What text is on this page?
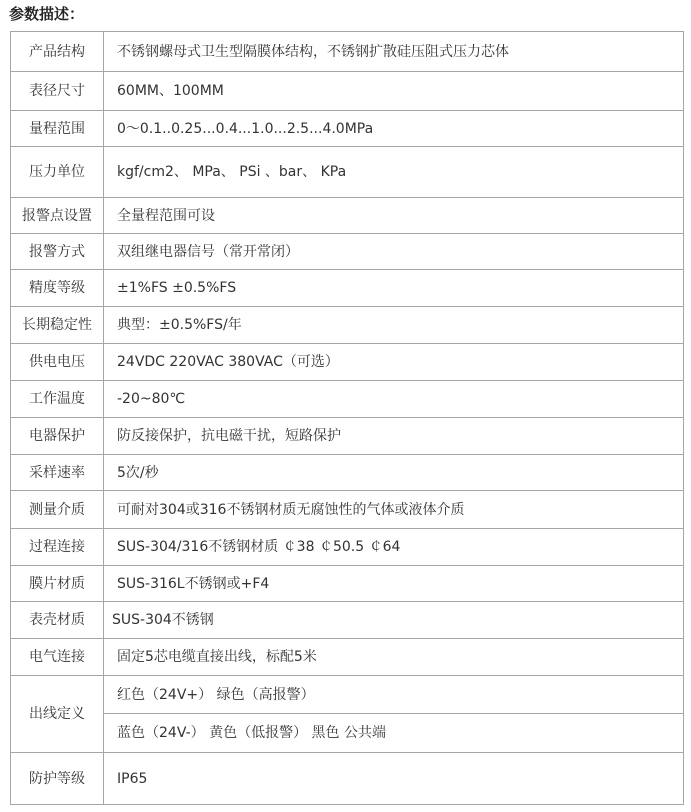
参数描述：
产品结构	不锈钢螺母式卫生型隔膜体结构，不锈钢扩散硅压阻式压力芯体
表径尺寸	60MM、100MM
量程范围	0～0.1..0.25...0.4...1.0...2.5...4.0MPa
压力单位	kgf/cm2、 MPa、 PSi 、bar、 KPa
报警点设置	全量程范围可设
报警方式	双组继电器信号（常开常闭）
精度等级	±1%FS ±0.5%FS
长期稳定性	典型：±0.5%FS/年
供电电压	24VDC 220VAC 380VAC（可选）
工作温度	-20~80℃
电器保护	防反接保护，抗电磁干扰，短路保护
采样速率	5次/秒
测量介质	可耐对304或316不锈钢材质无腐蚀性的气体或液体介质
过程连接	SUS-304/316不锈钢材质 ￠38 ￠50.5 ￠64
膜片材质	SUS-316L不锈钢或+F4
表壳材质	SUS-304不锈钢
电气连接	固定5芯电缆直接出线，标配5米
出线定义	红色（24V+） 绿色（高报警）
	蓝色（24V-） 黄色（低报警） 黑色 公共端
防护等级	IP65
